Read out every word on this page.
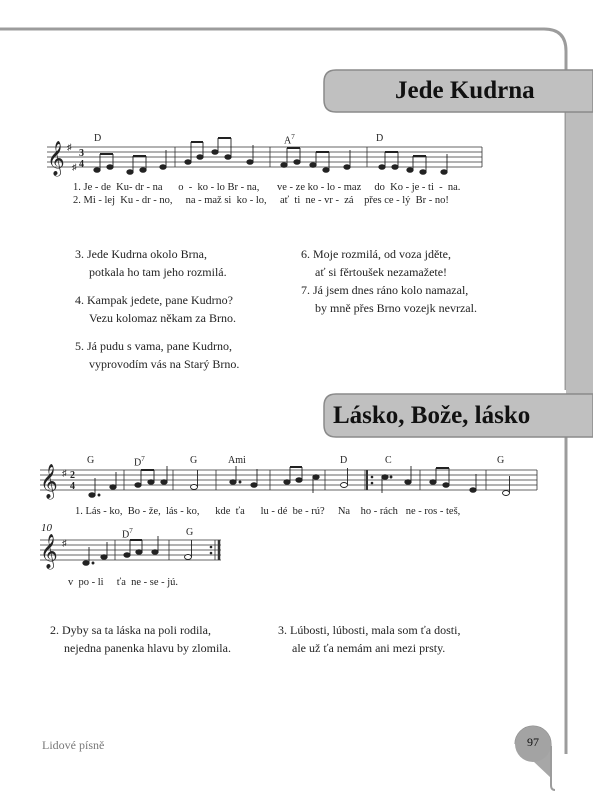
Jede Kudrna
Lásko, Bože, lásko
𝄞 ♯
♯
3
4
D	$A^7$	D
1. Je - de  Ku- dr - na      o  -  ko - lo Br - na, ve - ze ko - lo - maz     do  Ko - je - ti  -  na.
2. Mi - lej  Ku - dr - no,     na - maž si  ko - lo, ať  ti  ne - vr -  zá    přes ce - lý  Br - no!
3. Jede Kudrna okolo Brna,
potkala ho tam jeho rozmilá.
4. Kampak jedete, pane Kudrno?
Vezu kolomaz někam za Brno.
5. Já pudu s vama, pane Kudrno,
vyprovodím vás na Starý Brno.
6. Moje rozmilá, od voza jděte,
ať si fěrtoušek nezamažete!
7. Já jsem dnes ráno kolo namazal,
by mně přes Brno vozejk nevrzal.
𝄞 ♯ 2
4
G	$D^7$	G	Ami	D	C	G
1. Lás - ko,  Bo - že,  lás - ko,      kde  ťa      lu - dé  be - rú?     Na    ho - rách   ne - ros - teš,
10
𝄞 ♯
$D^7$	G
v  po - li     ťa  ne - se - jú.
2. Dyby sa ta láska na poli rodila,
nejedna panenka hlavu by zlomila.
3. Lúbosti, lúbosti, mala som ťa dosti,
ale už ťa nemám ani mezi prsty.
Lidové písně	97
